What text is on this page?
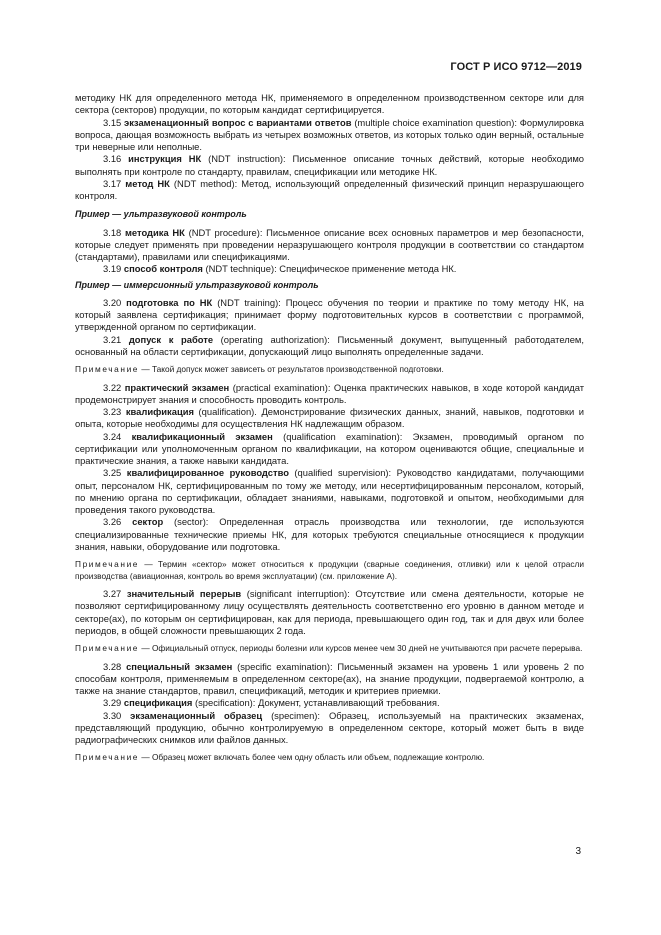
ГОСТ Р ИСО 9712—2019

методику НК для определенного метода НК, применяемого в определенном производственном секторе или для сектора (секторов) продукции, по которым кандидат сертифицируется.

3.15 экзаменационный вопрос с вариантами ответов (multiple choice examination question): Формулировка вопроса, дающая возможность выбрать из четырех возможных ответов, из которых только один верный, остальные три неверные или неполные.

3.16 инструкция НК (NDT instruction): Письменное описание точных действий, которые необходимо выполнять при контроле по стандарту, правилам, спецификации или методике НК.

3.17 метод НК (NDT method): Метод, использующий определенный физический принцип неразрушающего контроля.

Пример — ультразвуковой контроль

3.18 методика НК (NDT procedure): Письменное описание всех основных параметров и мер безопасности, которые следует применять при проведении неразрушающего контроля продукции в соответствии со стандартом (стандартами), правилами или спецификациями.

3.19 способ контроля (NDT technique): Специфическое применение метода НК.

Пример — иммерсионный ультразвуковой контроль

3.20 подготовка по НК (NDT training): Процесс обучения по теории и практике по тому методу НК, на который заявлена сертификация; принимает форму подготовительных курсов в соответствии с программой, утвержденной органом по сертификации.

3.21 допуск к работе (operating authorization): Письменный документ, выпущенный работодателем, основанный на области сертификации, допускающий лицо выполнять определенные задачи.

Примечание — Такой допуск может зависеть от результатов производственной подготовки.

3.22 практический экзамен (practical examination): Оценка практических навыков, в ходе которой кандидат продемонстрирует знания и способность проводить контроль.

3.23 квалификация (qualification). Демонстрирование физических данных, знаний, навыков, подготовки и опыта, которые необходимы для осуществления НК надлежащим образом.

3.24 квалификационный экзамен (qualification examination): Экзамен, проводимый органом по сертификации или уполномоченным органом по квалификации, на котором оцениваются общие, специальные и практические знания, а также навыки кандидата.

3.25 квалифицированное руководство (qualified supervision): Руководство кандидатами, получающими опыт, персоналом НК, сертифицированным по тому же методу, или несертифицированным персоналом, который, по мнению органа по сертификации, обладает знаниями, навыками, подготовкой и опытом, необходимыми для проведения такого руководства.

3.26 сектор (sector): Определенная отрасль производства или технологии, где используются специализированные технические приемы НК, для которых требуются специальные относящиеся к продукции знания, навыки, оборудование или подготовка.

Примечание — Термин «сектор» может относиться к продукции (сварные соединения, отливки) или к целой отрасли производства (авиационная, контроль во время эксплуатации) (см. приложение А).

3.27 значительный перерыв (significant interruption): Отсутствие или смена деятельности, которые не позволяют сертифицированному лицу осуществлять деятельность соответственно его уровню в данном методе и секторе(ах), по которым он сертифицирован, как для периода, превышающего один год, так и для двух или более периодов, в общей сложности превышающих 2 года.

Примечание — Официальный отпуск, периоды болезни или курсов менее чем 30 дней не учитываются при расчете перерыва.

3.28 специальный экзамен (specific examination): Письменный экзамен на уровень 1 или уровень 2 по способам контроля, применяемым в определенном секторе(ах), на знание продукции, подвергаемой контролю, а также на знание стандартов, правил, спецификаций, методик и критериев приемки.

3.29 спецификация (specification): Документ, устанавливающий требования.

3.30 экзаменационный образец (specimen): Образец, используемый на практических экзаменах, представляющий продукцию, обычно контролируемую в определенном секторе, который может быть в виде радиографических снимков или файлов данных.

Примечание — Образец может включать более чем одну область или объем, подлежащие контролю.

3
